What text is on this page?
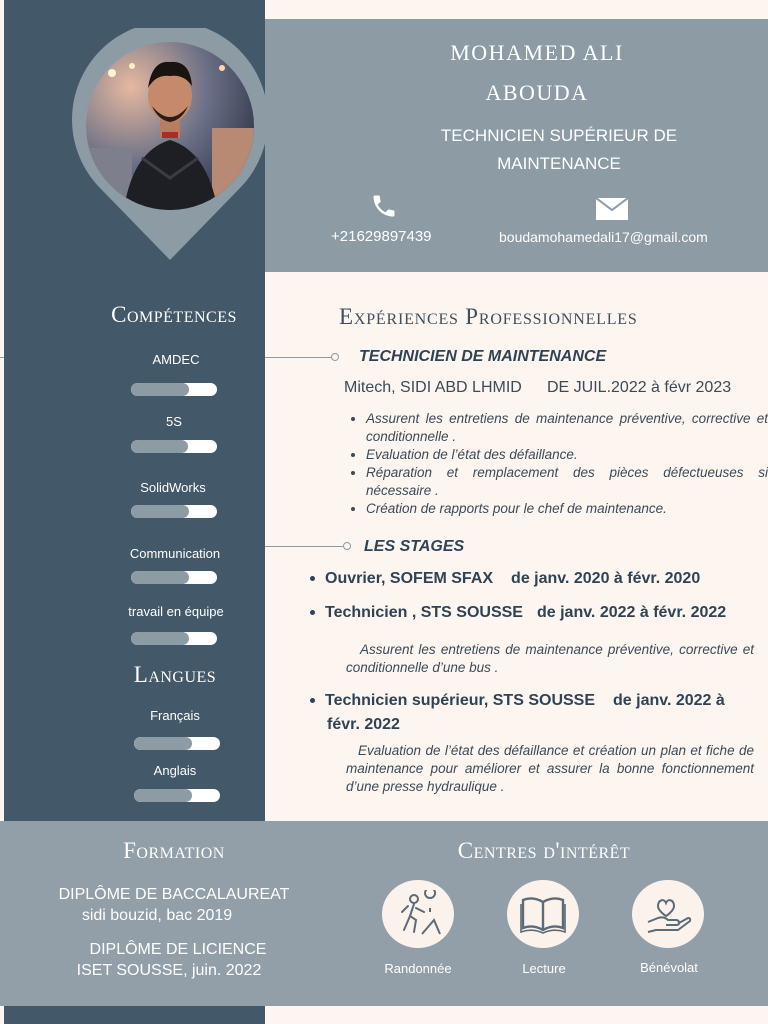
MOHAMED ALI
ABOUDA
TECHNICIEN SUPÉRIEUR DE
MAINTENANCE
+21629897439	boudamohamedali17@gmail.com
Compétences
AMDEC
5S
SolidWorks
Communication
travail en équipe
Langues
Français
Anglais
Expériences Professionnelles
TECHNICIEN DE MAINTENANCE
Mitech, SIDI ABD LHMID DE JUIL.2022 à févr 2023
• Assurent les entretiens de maintenance préventive, corrective et conditionnelle .
• Evaluation de l’état des défaillance.
• Réparation et remplacement des pièces défectueuses si nécessaire .
• Création de rapports pour le chef de maintenance.
LES STAGES
Ouvrier, SOFEM SFAX de janv. 2020 à févr. 2020
Technicien , STS SOUSSE de janv. 2022 à févr. 2022
Assurent les entretiens de maintenance préventive, corrective et conditionnelle d’une bus .
Technicien supérieur, STS SOUSSE de janv. 2022 à
févr. 2022
Evaluation de l’état des défaillance et création un plan et fiche de maintenance pour améliorer et assurer la bonne fonctionnement d’une presse hydraulique .
Formation
DIPLÔME DE BACCALAUREAT
sidi bouzid, bac 2019
DIPLÔME DE LICIENCE
ISET SOUSSE, juin. 2022
Centres d'intérêt
Randonnée	Lecture	Bénévolat
